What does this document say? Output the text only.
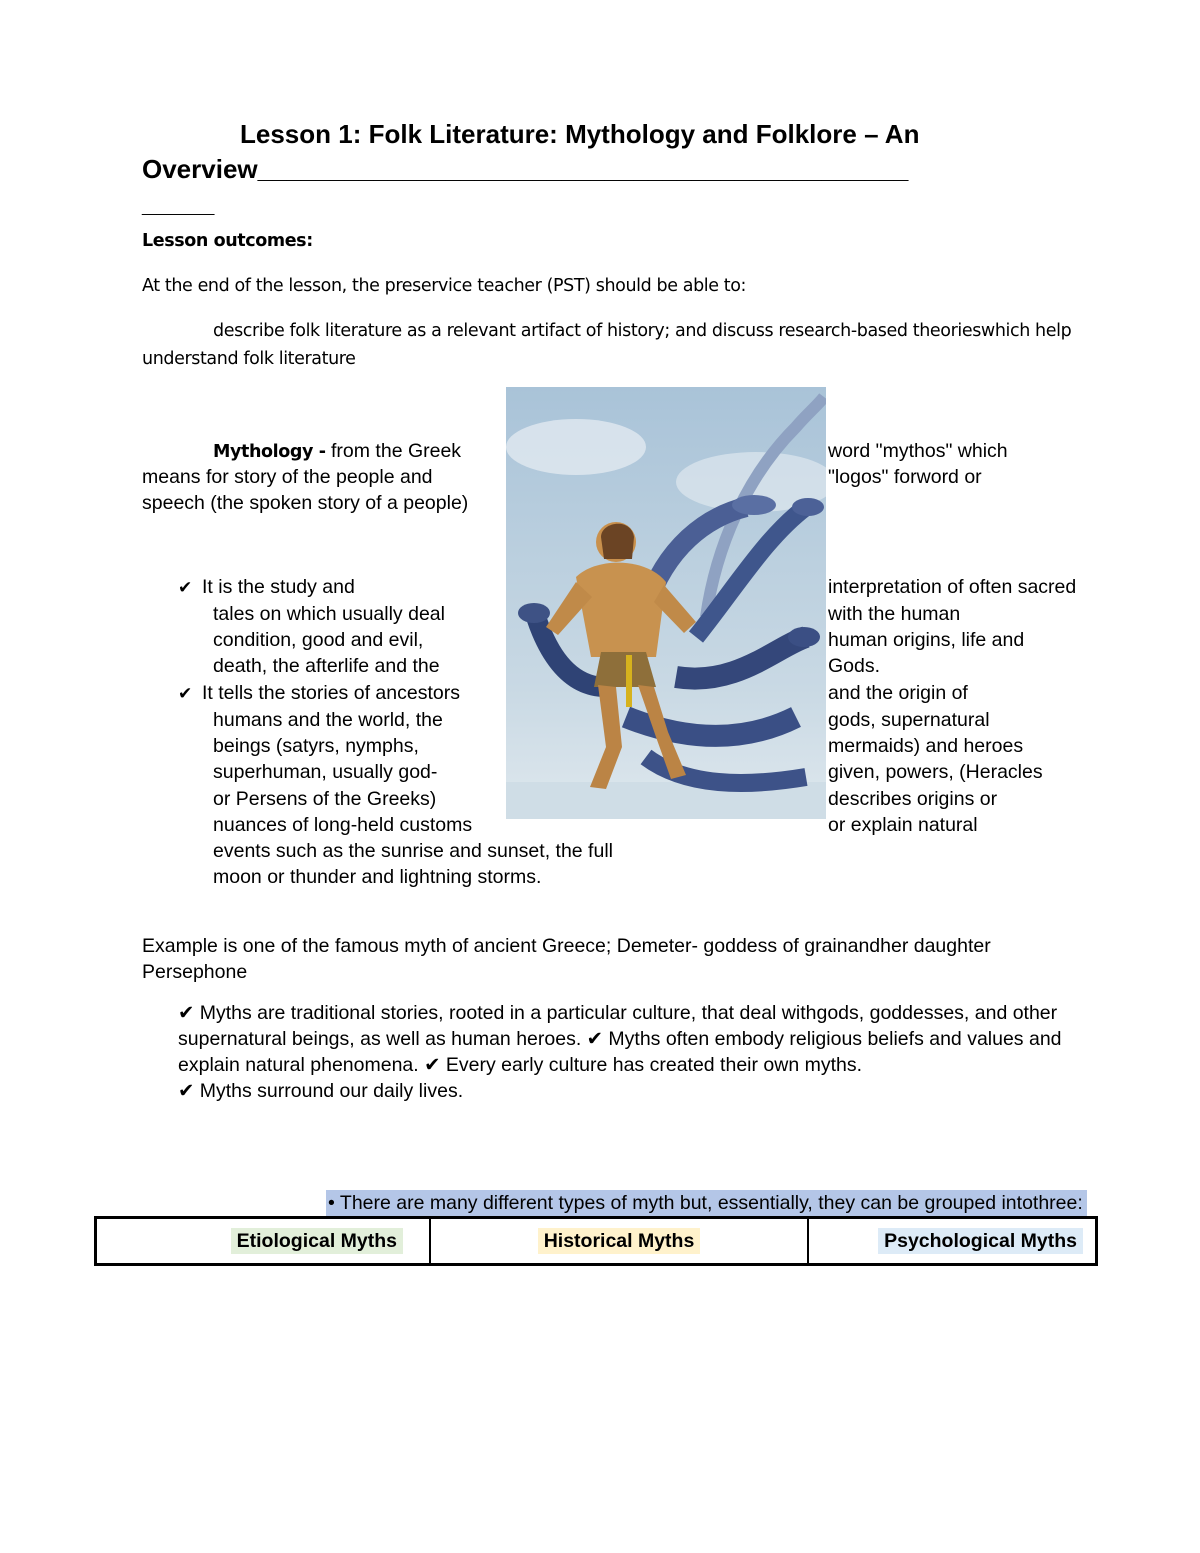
Lesson 1: Folk Literature: Mythology and Folklore – An
Overview_____________________________________________
_____
Lesson outcomes:
At the end of the lesson, the preservice teacher (PST) should be able to:
describe folk literature as a relevant artifact of history; and discuss research-based theorieswhich help
understand folk literature
Mythology - from the Greek
means for story of the people and
speech (the spoken story of a people)
word "mythos" which
"logos" forword or
✔ It is the study and
tales on which usually deal
condition, good and evil,
death, the afterlife and the
✔ It tells the stories of ancestors
humans and the world, the
beings (satyrs, nymphs,
superhuman, usually god-
or Persens of the Greeks)
nuances of long-held customs
events such as the sunrise and sunset, the full
moon or thunder and lightning storms.
interpretation of often sacred
with the human
human origins, life and
Gods.
and the origin of
gods, supernatural
mermaids) and heroes
given, powers, (Heracles
describes origins or
or explain natural
Example is one of the famous myth of ancient Greece; Demeter- goddess of grainandher daughter
Persephone
✔ Myths are traditional stories, rooted in a particular culture, that deal withgods, goddesses, and other
supernatural beings, as well as human heroes. ✔ Myths often embody religious beliefs and values and
explain natural phenomena. ✔ Every early culture has created their own myths.
✔ Myths surround our daily lives.
• There are many different types of myth but, essentially, they can be grouped intothree:
Etiological Myths	Historical Myths	Psychological Myths
